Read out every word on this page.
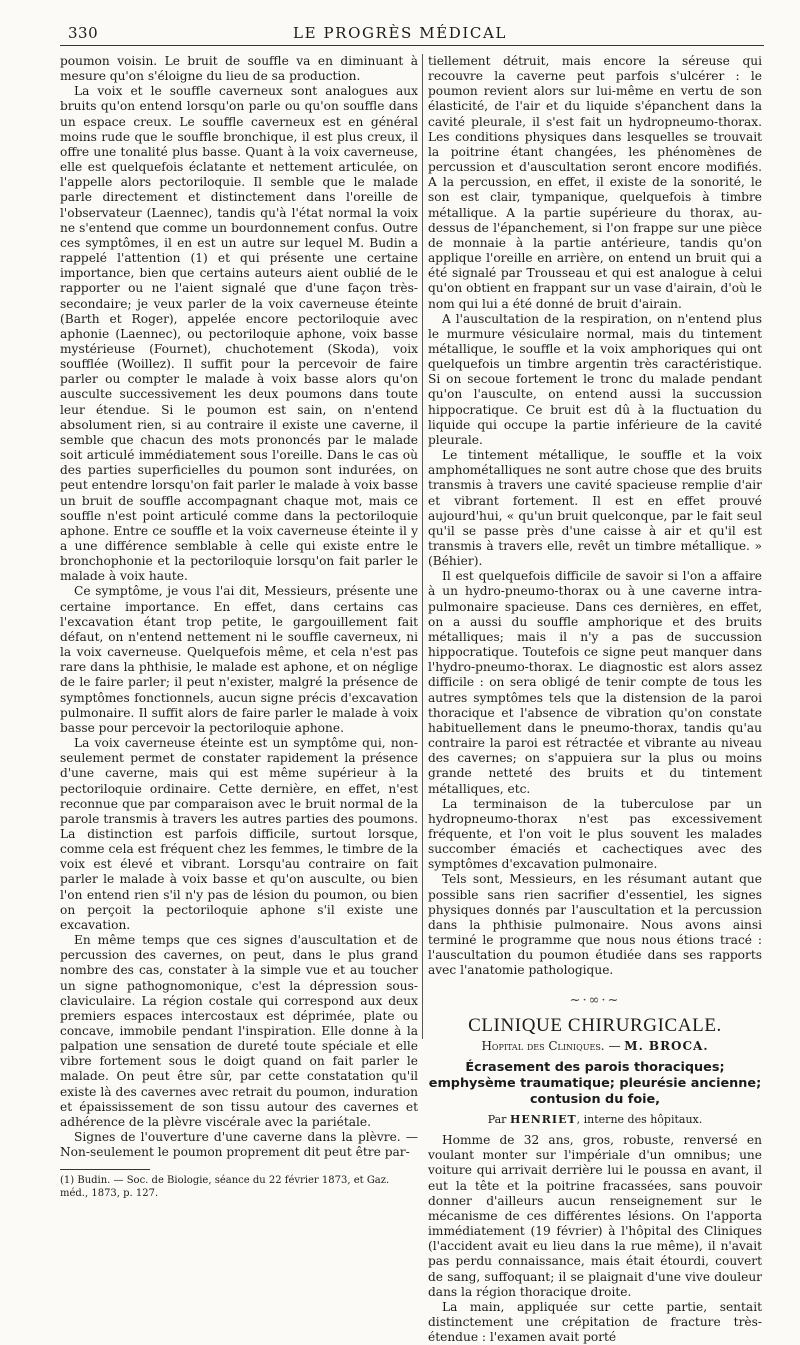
330	LE PROGRÈS MÉDICAL

poumon voisin. Le bruit de souffle va en diminuant à mesure qu'on s'éloigne du lieu de sa production.

La voix et le souffle caverneux sont analogues aux bruits qu'on entend lorsqu'on parle ou qu'on souffle dans un espace creux. Le souffle caverneux est en général moins rude que le souffle bronchique, il est plus creux, il offre une tonalité plus basse. Quant à la voix caverneuse, elle est quelquefois éclatante et nettement articulée, on l'appelle alors pectoriloquie. Il semble que le malade parle directement et distinctement dans l'oreille de l'observateur (Laennec), tandis qu'à l'état normal la voix ne s'entend que comme un bourdonnement confus. Outre ces symptômes, il en est un autre sur lequel M. Budin a rappelé l'attention (1) et qui présente une certaine importance, bien que certains auteurs aient oublié de le rapporter ou ne l'aient signalé que d'une façon très-secondaire; je veux parler de la voix caverneuse éteinte (Barth et Roger), appelée encore pectoriloquie avec aphonie (Laennec), ou pectoriloquie aphone, voix basse mystérieuse (Fournet), chuchotement (Skoda), voix soufflée (Woillez). Il suffit pour la percevoir de faire parler ou compter le malade à voix basse alors qu'on ausculte successivement les deux poumons dans toute leur étendue. Si le poumon est sain, on n'entend absolument rien, si au contraire il existe une caverne, il semble que chacun des mots prononcés par le malade soit articulé immédiatement sous l'oreille. Dans le cas où des parties superficielles du poumon sont indurées, on peut entendre lorsqu'on fait parler le malade à voix basse un bruit de souffle accompagnant chaque mot, mais ce souffle n'est point articulé comme dans la pectoriloquie aphone. Entre ce souffle et la voix caverneuse éteinte il y a une différence semblable à celle qui existe entre le bronchophonie et la pectoriloquie lorsqu'on fait parler le malade à voix haute.

Ce symptôme, je vous l'ai dit, Messieurs, présente une certaine importance. En effet, dans certains cas l'excavation étant trop petite, le gargouillement fait défaut, on n'entend nettement ni le souffle caverneux, ni la voix caverneuse. Quelquefois même, et cela n'est pas rare dans la phthisie, le malade est aphone, et on néglige de le faire parler; il peut n'exister, malgré la présence de symptômes fonctionnels, aucun signe précis d'excavation pulmonaire. Il suffit alors de faire parler le malade à voix basse pour percevoir la pectoriloquie aphone.

La voix caverneuse éteinte est un symptôme qui, non-seulement permet de constater rapidement la présence d'une caverne, mais qui est même supérieur à la pectoriloquie ordinaire. Cette dernière, en effet, n'est reconnue que par comparaison avec le bruit normal de la parole transmis à travers les autres parties des poumons. La distinction est parfois difficile, surtout lorsque, comme cela est fréquent chez les femmes, le timbre de la voix est élevé et vibrant. Lorsqu'au contraire on fait parler le malade à voix basse et qu'on ausculte, ou bien l'on entend rien s'il n'y pas de lésion du poumon, ou bien on perçoit la pectoriloquie aphone s'il existe une excavation.

En même temps que ces signes d'auscultation et de percussion des cavernes, on peut, dans le plus grand nombre des cas, constater à la simple vue et au toucher un signe pathognomonique, c'est la dépression sous-claviculaire. La région costale qui correspond aux deux premiers espaces intercostaux est déprimée, plate ou concave, immobile pendant l'inspiration. Elle donne à la palpation une sensation de dureté toute spéciale et elle vibre fortement sous le doigt quand on fait parler le malade. On peut être sûr, par cette constatation qu'il existe là des cavernes avec retrait du poumon, induration et épaississement de son tissu autour des cavernes et adhérence de la plèvre viscérale avec la pariétale.

Signes de l'ouverture d'une caverne dans la plèvre. — Non-seulement le poumon proprement dit peut être par-

(1) Budin. — Soc. de Biologie, séance du 22 février 1873, et Gaz. méd., 1873, p. 127.

tiellement détruit, mais encore la séreuse qui recouvre la caverne peut parfois s'ulcérer : le poumon revient alors sur lui-même en vertu de son élasticité, de l'air et du liquide s'épanchent dans la cavité pleurale, il s'est fait un hydropneumo-thorax. Les conditions physiques dans lesquelles se trouvait la poitrine étant changées, les phénomènes de percussion et d'auscultation seront encore modifiés. A la percussion, en effet, il existe de la sonorité, le son est clair, tympanique, quelquefois à timbre métallique. A la partie supérieure du thorax, au-dessus de l'épanchement, si l'on frappe sur une pièce de monnaie à la partie antérieure, tandis qu'on applique l'oreille en arrière, on entend un bruit qui a été signalé par Trousseau et qui est analogue à celui qu'on obtient en frappant sur un vase d'airain, d'où le nom qui lui a été donné de bruit d'airain.

A l'auscultation de la respiration, on n'entend plus le murmure vésiculaire normal, mais du tintement métallique, le souffle et la voix amphoriques qui ont quelquefois un timbre argentin très caractéristique. Si on secoue fortement le tronc du malade pendant qu'on l'ausculte, on entend aussi la succussion hippocratique. Ce bruit est dû à la fluctuation du liquide qui occupe la partie inférieure de la cavité pleurale.

Le tintement métallique, le souffle et la voix amphométalliques ne sont autre chose que des bruits transmis à travers une cavité spacieuse remplie d'air et vibrant fortement. Il est en effet prouvé aujourd'hui, « qu'un bruit quelconque, par le fait seul qu'il se passe près d'une caisse à air et qu'il est transmis à travers elle, revêt un timbre métallique. » (Béhier).

Il est quelquefois difficile de savoir si l'on a affaire à un hydro-pneumo-thorax ou à une caverne intra-pulmonaire spacieuse. Dans ces dernières, en effet, on a aussi du souffle amphorique et des bruits métalliques; mais il n'y a pas de succussion hippocratique. Toutefois ce signe peut manquer dans l'hydro-pneumo-thorax. Le diagnostic est alors assez difficile : on sera obligé de tenir compte de tous les autres symptômes tels que la distension de la paroi thoracique et l'absence de vibration qu'on constate habituellement dans le pneumo-thorax, tandis qu'au contraire la paroi est rétractée et vibrante au niveau des cavernes; on s'appuiera sur la plus ou moins grande netteté des bruits et du tintement métalliques, etc.

La terminaison de la tuberculose par un hydropneumo-thorax n'est pas excessivement fréquente, et l'on voit le plus souvent les malades succomber émaciés et cachectiques avec des symptômes d'excavation pulmonaire.

Tels sont, Messieurs, en les résumant autant que possible sans rien sacrifier d'essentiel, les signes physiques donnés par l'auscultation et la percussion dans la phthisie pulmonaire. Nous avons ainsi terminé le programme que nous nous étions tracé : l'auscultation du poumon étudiée dans ses rapports avec l'anatomie pathologique.

~·∞·~
CLINIQUE CHIRURGICALE.
Hopital des Cliniques. — M. BROCA.
Écrasement des parois thoraciques; emphysème traumatique; pleurésie ancienne; contusion du foie,
Par HENRIET, interne des hôpitaux.

Homme de 32 ans, gros, robuste, renversé en voulant monter sur l'impériale d'un omnibus; une voiture qui arrivait derrière lui le poussa en avant, il eut la tête et la poitrine fracassées, sans pouvoir donner d'ailleurs aucun renseignement sur le mécanisme de ces différentes lésions. On l'apporta immédiatement (19 février) à l'hôpital des Cliniques (l'accident avait eu lieu dans la rue même), il n'avait pas perdu connaissance, mais était étourdi, couvert de sang, suffoquant; il se plaignait d'une vive douleur dans la région thoracique droite.

La main, appliquée sur cette partie, sentait distinctement une crépitation de fracture très-étendue : l'examen avait porté
